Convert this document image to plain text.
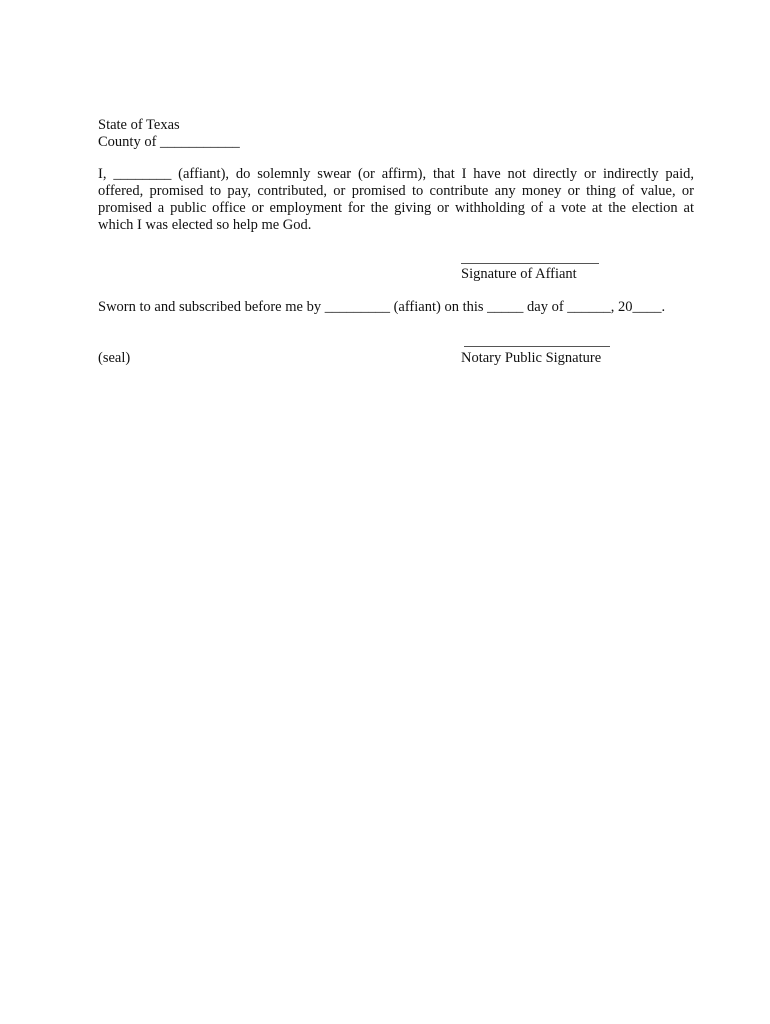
State of Texas
County of ___________
I, ________ (affiant), do solemnly swear (or affirm), that I have not directly or indirectly paid, offered, promised to pay, contributed, or promised to contribute any money or thing of value, or promised a public office or employment for the giving or withholding of a vote at the election at which I was elected so help me God.
Signature of Affiant
Sworn to and subscribed before me by _________ (affiant) on this _____ day of ______, 20____.
(seal)	Notary Public Signature
